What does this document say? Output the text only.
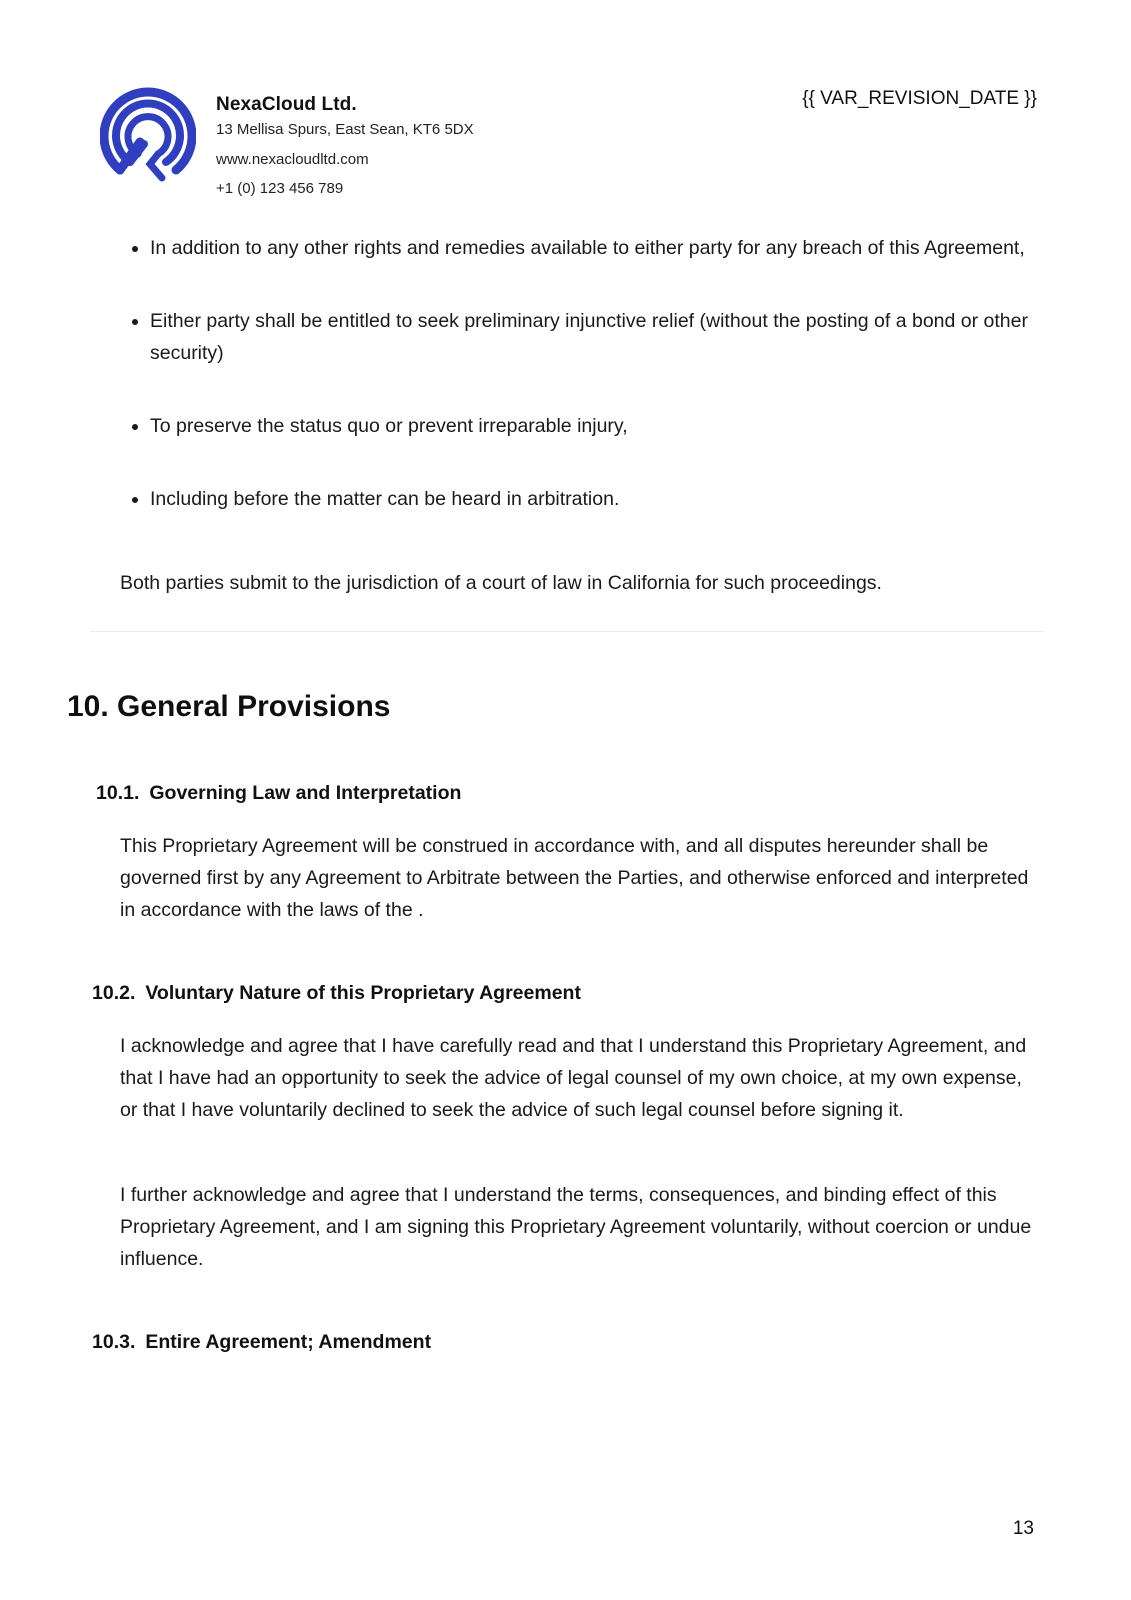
NexaCloud Ltd.
13 Mellisa Spurs, East Sean, KT6 5DX
www.nexacloudltd.com
+1 (0) 123 456 789
{{ VAR_REVISION_DATE }}
In addition to any other rights and remedies available to either party for any breach of this Agreement,
Either party shall be entitled to seek preliminary injunctive relief (without the posting of a bond or other security)
To preserve the status quo or prevent irreparable injury,
Including before the matter can be heard in arbitration.

Both parties submit to the jurisdiction of a court of law in California for such proceedings.

10. General Provisions
10.1. Governing Law and Interpretation

This Proprietary Agreement will be construed in accordance with, and all disputes hereunder shall be governed first by any Agreement to Arbitrate between the Parties, and otherwise enforced and interpreted in accordance with the laws of the .

10.2. Voluntary Nature of this Proprietary Agreement

I acknowledge and agree that I have carefully read and that I understand this Proprietary Agreement, and that I have had an opportunity to seek the advice of legal counsel of my own choice, at my own expense, or that I have voluntarily declined to seek the advice of such legal counsel before signing it.

I further acknowledge and agree that I understand the terms, consequences, and binding effect of this Proprietary Agreement, and I am signing this Proprietary Agreement voluntarily, without coercion or undue influence.

10.3. Entire Agreement; Amendment
13
